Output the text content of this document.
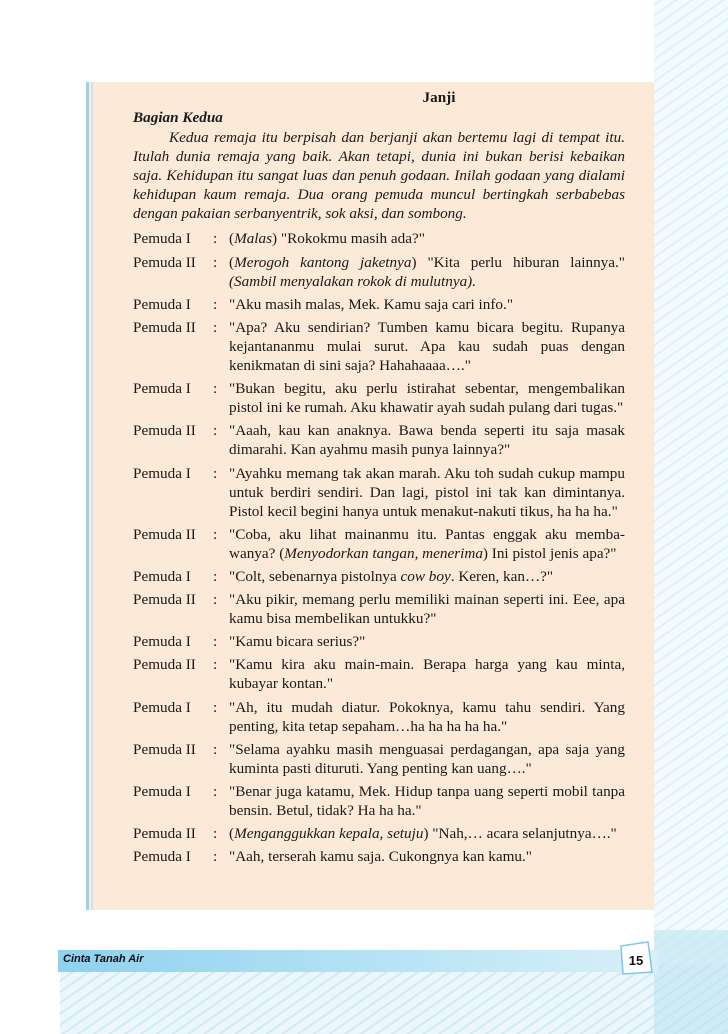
Janji
Bagian Kedua
Kedua remaja itu berpisah dan berjanji akan bertemu lagi di tempat itu. Itulah dunia remaja yang baik. Akan tetapi, dunia ini bukan berisi kebaikan saja. Kehidupan itu sangat luas dan penuh godaan. Inilah godaan yang dialami kehidupan kaum remaja. Dua orang pemuda muncul bertingkah serbabebas dengan pakaian serbanyentrik, sok aksi, dan sombong.
Pemuda I	: (Malas) "Rokokmu masih ada?"
Pemuda II	: (Merogoh kantong jaketnya) "Kita perlu hiburan lainnya." (Sambil menyalakan rokok di mulutnya).
Pemuda I	: "Aku masih malas, Mek. Kamu saja cari info."
Pemuda II	: "Apa? Aku sendirian? Tumben kamu bicara begitu. Rupanya kejantananmu mulai surut. Apa kau sudah puas dengan kenikmatan di sini saja? Hahahaaaa…."
Pemuda I	: "Bukan begitu, aku perlu istirahat sebentar, mengembalikan pistol ini ke rumah. Aku khawatir ayah sudah pulang dari tugas."
Pemuda II	: "Aaah, kau kan anaknya. Bawa benda seperti itu saja masak dimarahi. Kan ayahmu masih punya lainnya?"
Pemuda I	: "Ayahku memang tak akan marah. Aku toh sudah cukup mampu untuk berdiri sendiri. Dan lagi, pistol ini tak kan dimintanya. Pistol kecil begini hanya untuk menakut-nakuti tikus, ha ha ha."
Pemuda II	: "Coba, aku lihat mainanmu itu. Pantas enggak aku memba-wanya? (Menyodorkan tangan, menerima) Ini pistol jenis apa?"
Pemuda I	: "Colt, sebenarnya pistolnya cow boy. Keren, kan…?"
Pemuda II	: "Aku pikir, memang perlu memiliki mainan seperti ini. Eee, apa kamu bisa membelikan untukku?"
Pemuda I	: "Kamu bicara serius?"
Pemuda II	: "Kamu kira aku main-main. Berapa harga yang kau minta, kubayar kontan."
Pemuda I	: "Ah, itu mudah diatur. Pokoknya, kamu tahu sendiri. Yang penting, kita tetap sepaham…ha ha ha ha ha."
Pemuda II	: "Selama ayahku masih menguasai perdagangan, apa saja yang kuminta pasti dituruti. Yang penting kan uang…."
Pemuda I	: "Benar juga katamu, Mek. Hidup tanpa uang seperti mobil tanpa bensin. Betul, tidak? Ha ha ha."
Pemuda II	: (Menganggukkan kepala, setuju) "Nah,… acara selanjutnya…."
Pemuda I	: "Aah, terserah kamu saja. Cukongnya kan kamu."
Cinta Tanah Air	15
